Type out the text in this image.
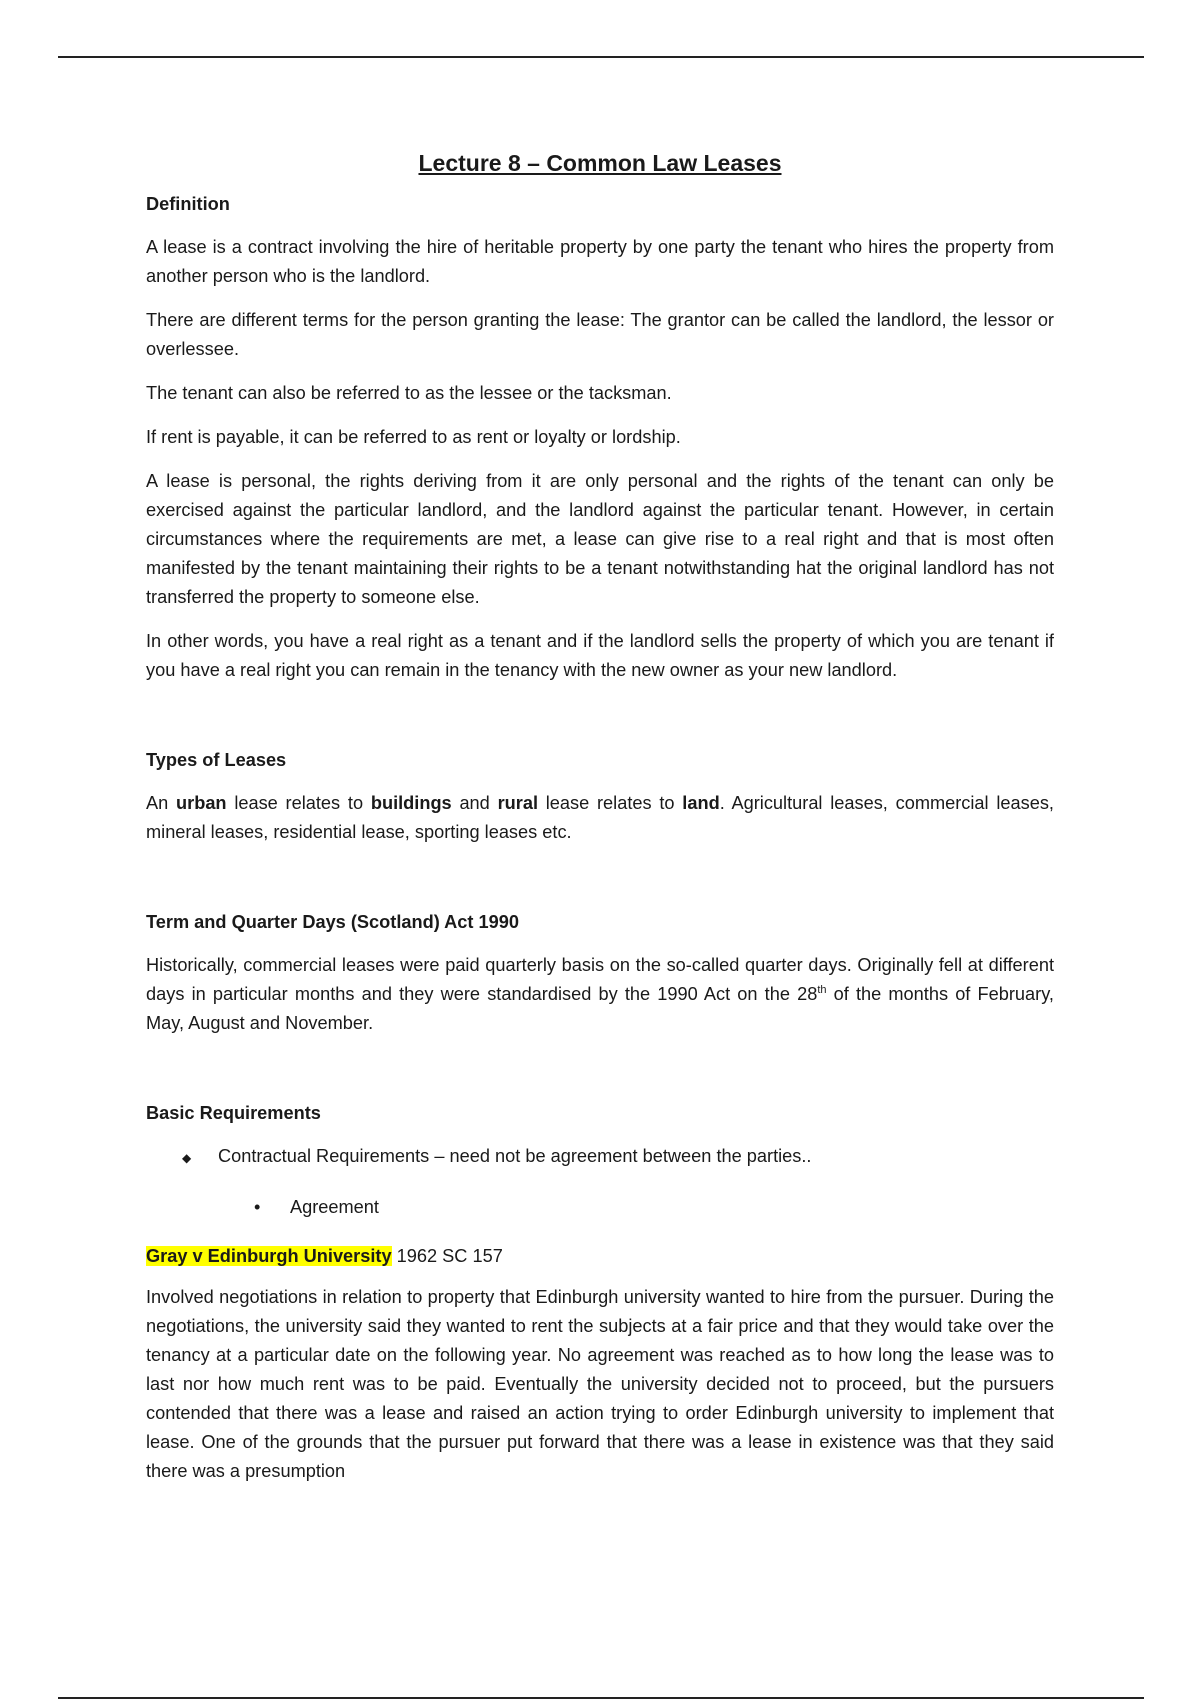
Lecture 8 – Common Law Leases
Definition

A lease is a contract involving the hire of heritable property by one party the tenant who hires the property from another person who is the landlord.

There are different terms for the person granting the lease: The grantor can be called the landlord, the lessor or overlessee.

The tenant can also be referred to as the lessee or the tacksman.

If rent is payable, it can be referred to as rent or loyalty or lordship.

A lease is personal, the rights deriving from it are only personal and the rights of the tenant can only be exercised against the particular landlord, and the landlord against the particular tenant. However, in certain circumstances where the requirements are met, a lease can give rise to a real right and that is most often manifested by the tenant maintaining their rights to be a tenant notwithstanding hat the original landlord has not transferred the property to someone else.

In other words, you have a real right as a tenant and if the landlord sells the property of which you are tenant if you have a real right you can remain in the tenancy with the new owner as your new landlord.

Types of Leases

An urban lease relates to buildings and rural lease relates to land. Agricultural leases, commercial leases, mineral leases, residential lease, sporting leases etc.

Term and Quarter Days (Scotland) Act 1990

Historically, commercial leases were paid quarterly basis on the so-called quarter days. Originally fell at different days in particular months and they were standardised by the 1990 Act on the 28th of the months of February, May, August and November.

Basic Requirements
◆	Contractual Requirements – need not be agreement between the parties..
•	Agreement

Gray v Edinburgh University 1962 SC 157

Involved negotiations in relation to property that Edinburgh university wanted to hire from the pursuer. During the negotiations, the university said they wanted to rent the subjects at a fair price and that they would take over the tenancy at a particular date on the following year. No agreement was reached as to how long the lease was to last nor how much rent was to be paid. Eventually the university decided not to proceed, but the pursuers contended that there was a lease and raised an action trying to order Edinburgh university to implement that lease. One of the grounds that the pursuer put forward that there was a lease in existence was that they said there was a presumption
